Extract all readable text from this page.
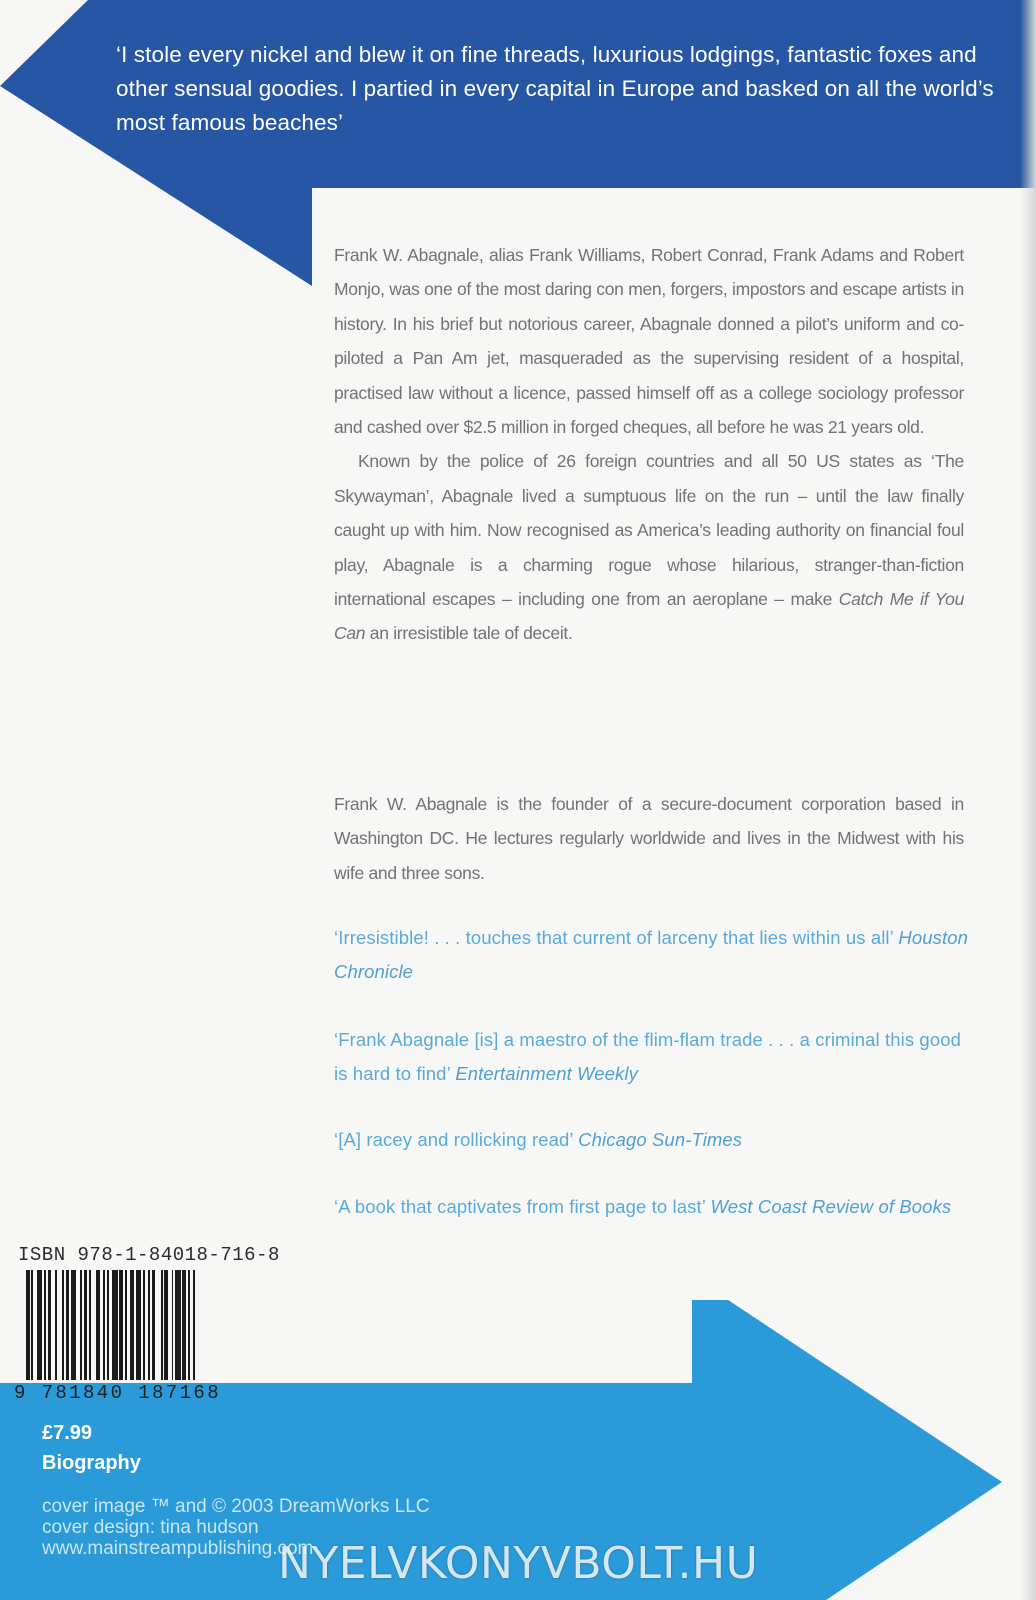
‘I stole every nickel and blew it on fine threads, luxurious lodgings, fantastic foxes and other sensual goodies. I partied in every capital in Europe and basked on all the world’s most famous beaches’

Frank W. Abagnale, alias Frank Williams, Robert Conrad, Frank Adams and Robert Monjo, was one of the most daring con men, forgers, impostors and escape artists in history. In his brief but notorious career, Abagnale donned a pilot’s uniform and co-piloted a Pan Am jet, masqueraded as the supervising resident of a hospital, practised law without a licence, passed himself off as a college sociology professor and cashed over $2.5 million in forged cheques, all before he was 21 years old.

Known by the police of 26 foreign countries and all 50 US states as ‘The Skywayman’, Abagnale lived a sumptuous life on the run – until the law finally caught up with him. Now recognised as America’s leading authority on financial foul play, Abagnale is a charming rogue whose hilarious, stranger-than-fiction international escapes – including one from an aeroplane – make Catch Me if You Can an irresistible tale of deceit.

Frank W. Abagnale is the founder of a secure-document corporation based in Washington DC. He lectures regularly worldwide and lives in the Midwest with his wife and three sons.

‘Irresistible! . . . touches that current of larceny that lies within us all’ Houston Chronicle
‘Frank Abagnale [is] a maestro of the flim-flam trade . . . a criminal this good is hard to find’ Entertainment Weekly
‘[A] racey and rollicking read’ Chicago Sun-Times
‘A book that captivates from first page to last’ West Coast Review of Books
ISBN 978-1-84018-716-8
9 781840 187168
£7.99
Biography
cover image ™ and © 2003 DreamWorks LLC
cover design: tina hudson
www.mainstreampublishing.com
NYELVKONYVBOLT.HU
